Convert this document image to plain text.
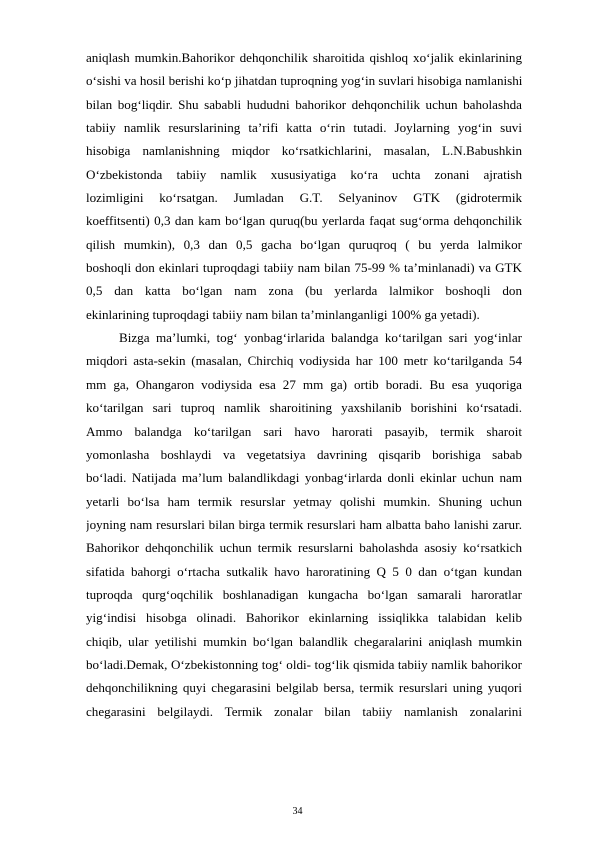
aniqlash mumkin.Bahorikor dehqonchilik sharoitida qishloq xo‘jalik ekinlarining
o‘sishi va hosil berishi ko‘p jihatdan tuproqning yog‘in suvlari hisobiga namlanishi
bilan bog‘liqdir. Shu sababli hududni bahorikor dehqonchilik uchun baholashda
tabiiy namlik resurslarining ta’rifi katta o‘rin tutadi. Joylarning yog‘in suvi
hisobiga namlanishning miqdor ko‘rsatkichlarini, masalan, L.N.Babushkin
O‘zbekistonda tabiiy namlik xususiyatiga ko‘ra uchta zonani ajratish
lozimligini ko‘rsatgan. Jumladan G.T. Selyaninov GTK (gidrotermik
koeffitsenti) 0,3 dan kam bo‘lgan quruq(bu yerlarda faqat sug‘orma dehqonchilik
qilish mumkin), 0,3 dan 0,5 gacha bo‘lgan quruqroq ( bu yerda lalmikor
boshoqli don ekinlari tuproqdagi tabiiy nam bilan 75-99 % ta’minlanadi) va GTK
0,5 dan katta bo‘lgan nam zona (bu yerlarda lalmikor boshoqli don
ekinlarining tuproqdagi tabiiy nam bilan ta’minlanganligi 100% ga yetadi).
Bizga ma’lumki, tog‘ yonbag‘irlarida balandga ko‘tarilgan sari yog‘inlar
miqdori asta-sekin (masalan, Chirchiq vodiysida har 100 metr ko‘tarilganda 54
mm ga, Ohangaron vodiysida esa 27 mm ga) ortib boradi. Bu esa yuqoriga
ko‘tarilgan sari tuproq namlik sharoitining yaxshilanib borishini ko‘rsatadi.
Ammo balandga ko‘tarilgan sari havo harorati pasayib, termik sharoit
yomonlasha boshlaydi va vegetatsiya davrining qisqarib borishiga sabab
bo‘ladi. Natijada ma’lum balandlikdagi yonbag‘irlarda donli ekinlar uchun nam
yetarli bo‘lsa ham termik resurslar yetmay qolishi mumkin. Shuning uchun
joyning nam resurslari bilan birga termik resurslari ham albatta baho lanishi zarur.
Bahorikor dehqonchilik uchun termik resurslarni baholashda asosiy ko‘rsatkich
sifatida bahorgi o‘rtacha sutkalik havo haroratining Q 5 0 dan o‘tgan kundan
tuproqda qurg‘oqchilik boshlanadigan kungacha bo‘lgan samarali haroratlar
yig‘indisi hisobga olinadi. Bahorikor ekinlarning issiqlikka talabidan kelib
chiqib, ular yetilishi mumkin bo‘lgan balandlik chegaralarini aniqlash mumkin
bo‘ladi.Demak, O‘zbekistonning tog‘ oldi- tog‘lik qismida tabiiy namlik bahorikor
dehqonchilikning quyi chegarasini belgilab bersa, termik resurslari uning yuqori
chegarasini belgilaydi. Termik zonalar bilan tabiiy namlanish zonalarini
34
